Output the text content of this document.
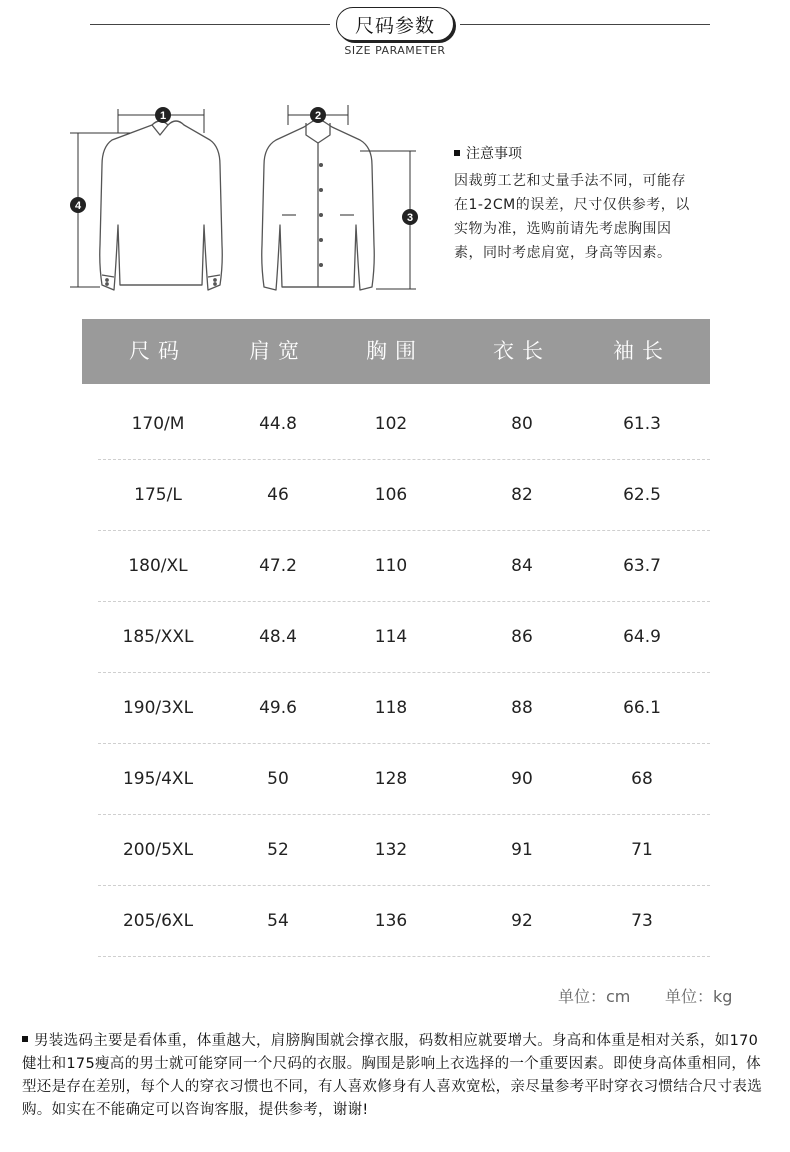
尺码参数
SIZE PARAMETER
1	2
3
4
注意事项
因裁剪工艺和丈量手法不同，可能存
在1-2CM的误差，尺寸仅供参考，以
实物为准，选购前请先考虑胸围因
素，同时考虑肩宽，身高等因素。
尺码	肩宽	胸围	衣长	袖长
170/M	44.8	102	80	61.3
175/L	46	106	82	62.5
180/XL	47.2	110	84	63.7
185/XXL	48.4	114	86	64.9
190/3XL	49.6	118	88	66.1
195/4XL	50	128	90	68
200/5XL	52	132	91	71
205/6XL	54	136	92	73
单位：cm 单位：kg
男装选码主要是看体重，体重越大，肩膀胸围就会撑衣服，码数相应就要增大。身高和体重是相对关系，如170健壮和175瘦高的男士就可能穿同一个尺码的衣服。胸围是影响上衣选择的一个重要因素。即使身高体重相同，体型还是存在差别，每个人的穿衣习惯也不同，有人喜欢修身有人喜欢宽松，亲尽量参考平时穿衣习惯结合尺寸表选购。如实在不能确定可以咨询客服，提供参考，谢谢!
